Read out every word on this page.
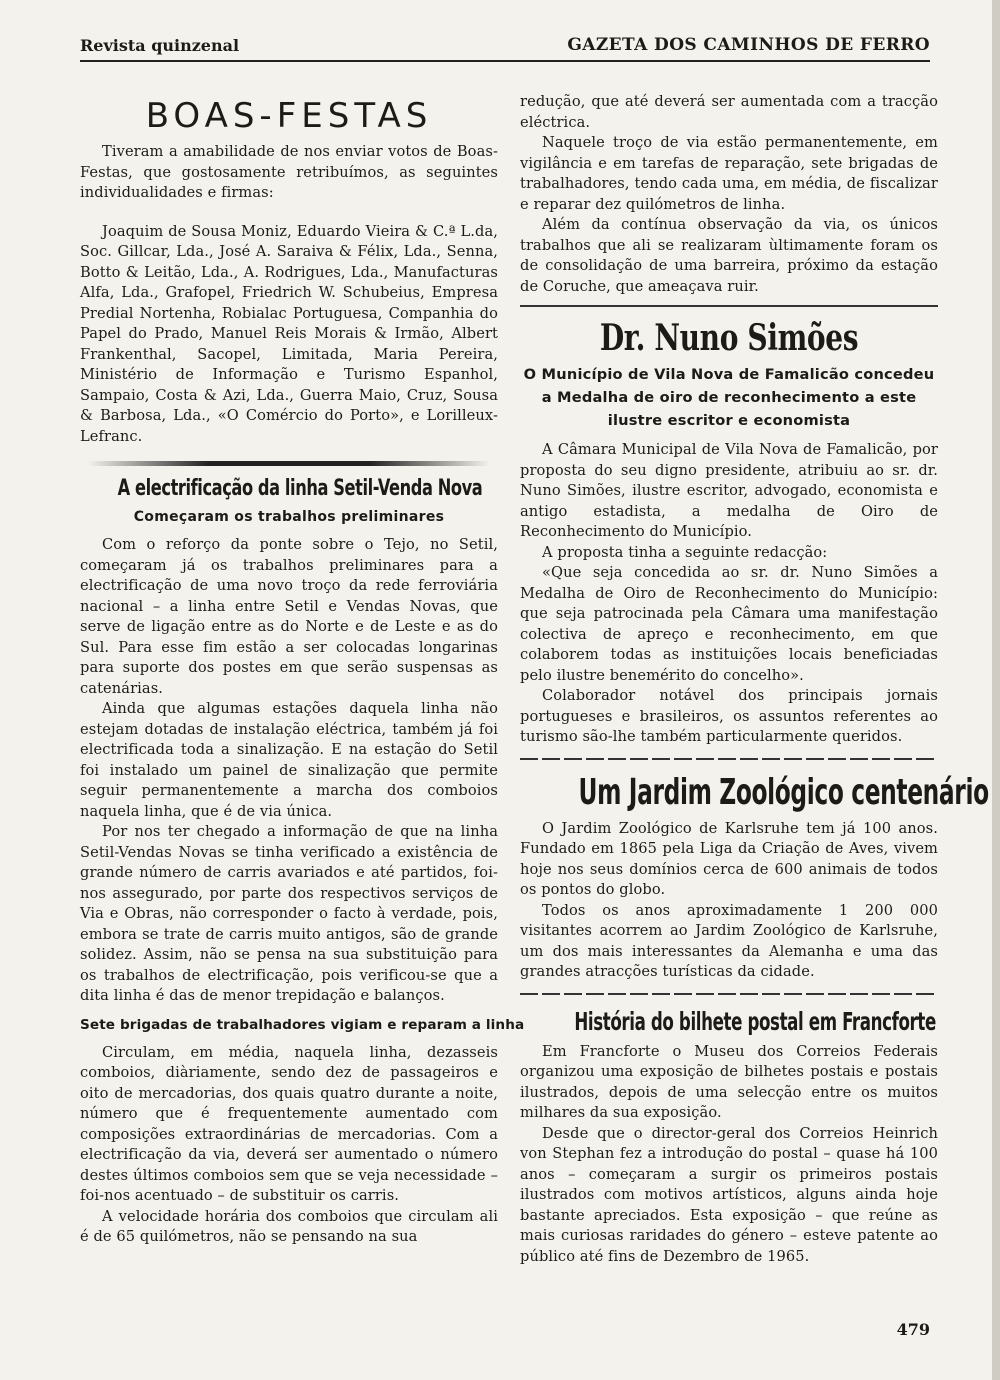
Revista quinzenal	GAZETA DOS CAMINHOS DE FERRO
BOAS-FESTAS

Tiveram a amabilidade de nos enviar votos de Boas-Festas, que gostosamente retribuímos, as seguintes individualidades e firmas:

Joaquim de Sousa Moniz, Eduardo Vieira & C.ª L.da, Soc. Gillcar, Lda., José A. Saraiva & Félix, Lda., Senna, Botto & Leitão, Lda., A. Rodrigues, Lda., Manufacturas Alfa, Lda., Grafopel, Friedrich W. Schubeius, Empresa Predial Nortenha, Robialac Portuguesa, Companhia do Papel do Prado, Manuel Reis Morais & Irmão, Albert Frankenthal, Sacopel, Limitada, Maria Pereira, Ministério de Informação e Turismo Espanhol, Sampaio, Costa & Azi, Lda., Guerra Maio, Cruz, Sousa & Barbosa, Lda., «O Comércio do Porto», e Lorilleux-Lefranc.

A electrificação da linha Setil-Venda Nova
Começaram os trabalhos preliminares

Com o reforço da ponte sobre o Tejo, no Setil, começaram já os trabalhos preliminares para a electrificação de uma novo troço da rede ferroviária nacional – a linha entre Setil e Vendas Novas, que serve de ligação entre as do Norte e de Leste e as do Sul. Para esse fim estão a ser colocadas longarinas para suporte dos postes em que serão suspensas as catenárias.

Ainda que algumas estações daquela linha não estejam dotadas de instalação eléctrica, também já foi electrificada toda a sinalização. E na estação do Setil foi instalado um painel de sinalização que permite seguir permanentemente a marcha dos comboios naquela linha, que é de via única.

Por nos ter chegado a informação de que na linha Setil-Vendas Novas se tinha verificado a existência de grande número de carris avariados e até partidos, foi-nos assegurado, por parte dos respectivos serviços de Via e Obras, não corresponder o facto à verdade, pois, embora se trate de carris muito antigos, são de grande solidez. Assim, não se pensa na sua substituição para os trabalhos de electrificação, pois verificou-se que a dita linha é das de menor trepidação e balanços.

Sete brigadas de trabalhadores vigiam e reparam a linha

Circulam, em média, naquela linha, dezasseis comboios, diàriamente, sendo dez de passageiros e oito de mercadorias, dos quais quatro durante a noite, número que é frequentemente aumentado com composições extraordinárias de mercadorias. Com a electrificação da via, deverá ser aumentado o número destes últimos comboios sem que se veja necessidade – foi-nos acentuado – de substituir os carris.

A velocidade horária dos comboios que circulam ali é de 65 quilómetros, não se pensando na sua

redução, que até deverá ser aumentada com a tracção eléctrica.

Naquele troço de via estão permanentemente, em vigilância e em tarefas de reparação, sete brigadas de trabalhadores, tendo cada uma, em média, de fiscalizar e reparar dez quilómetros de linha.

Além da contínua observação da via, os únicos trabalhos que ali se realizaram ùltimamente foram os de consolidação de uma barreira, próximo da estação de Coruche, que ameaçava ruir.

Dr. Nuno Simões
O Município de Vila Nova de Famalicão concedeu a Medalha de oiro de reconhecimento a este ilustre escritor e economista

A Câmara Municipal de Vila Nova de Famalicão, por proposta do seu digno presidente, atribuiu ao sr. dr. Nuno Simões, ilustre escritor, advogado, economista e antigo estadista, a medalha de Oiro de Reconhecimento do Município.

A proposta tinha a seguinte redacção:

«Que seja concedida ao sr. dr. Nuno Simões a Medalha de Oiro de Reconhecimento do Município: que seja patrocinada pela Câmara uma manifestação colectiva de apreço e reconhecimento, em que colaborem todas as instituições locais beneficiadas pelo ilustre benemérito do concelho».

Colaborador notável dos principais jornais portugueses e brasileiros, os assuntos referentes ao turismo são-lhe também particularmente queridos.

Um Jardim Zoológico centenário

O Jardim Zoológico de Karlsruhe tem já 100 anos. Fundado em 1865 pela Liga da Criação de Aves, vivem hoje nos seus domínios cerca de 600 animais de todos os pontos do globo.

Todos os anos aproximadamente 1 200 000 visitantes acorrem ao Jardim Zoológico de Karlsruhe, um dos mais interessantes da Alemanha e uma das grandes atracções turísticas da cidade.

História do bilhete postal em Francforte

Em Francforte o Museu dos Correios Federais organizou uma exposição de bilhetes postais e postais ilustrados, depois de uma selecção entre os muitos milhares da sua exposição.

Desde que o director-geral dos Correios Heinrich von Stephan fez a introdução do postal – quase há 100 anos – começaram a surgir os primeiros postais ilustrados com motivos artísticos, alguns ainda hoje bastante apreciados. Esta exposição – que reúne as mais curiosas raridades do género – esteve patente ao público até fins de Dezembro de 1965.

479
